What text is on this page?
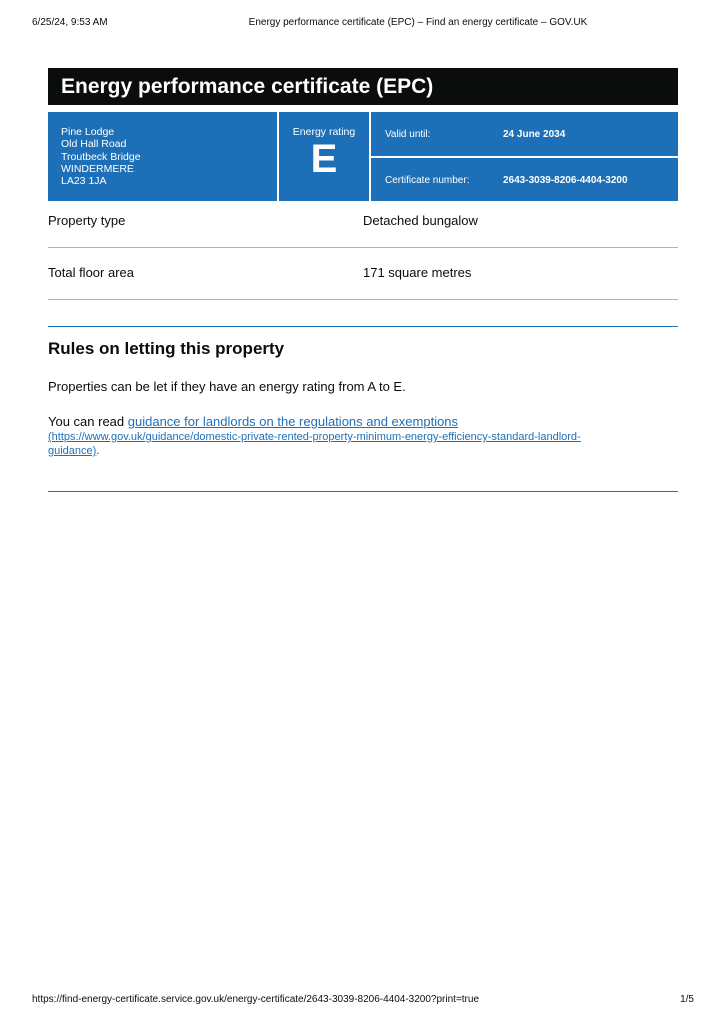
6/25/24, 9:53 AM	Energy performance certificate (EPC) – Find an energy certificate – GOV.UK
Energy performance certificate (EPC)
Pine Lodge
Old Hall Road
Troutbeck Bridge
WINDERMERE
LA23 1JA
Energy rating
E
Valid until:	24 June 2034
Certificate number:	2643-3039-8206-4404-3200
Property type	Detached bungalow
Total floor area	171 square metres
Rules on letting this property
Properties can be let if they have an energy rating from A to E.
You can read guidance for landlords on the regulations and exemptions
(https://www.gov.uk/guidance/domestic-private-rented-property-minimum-energy-efficiency-standard-landlord-
guidance).
https://find-energy-certificate.service.gov.uk/energy-certificate/2643-3039-8206-4404-3200?print=true	1/5
